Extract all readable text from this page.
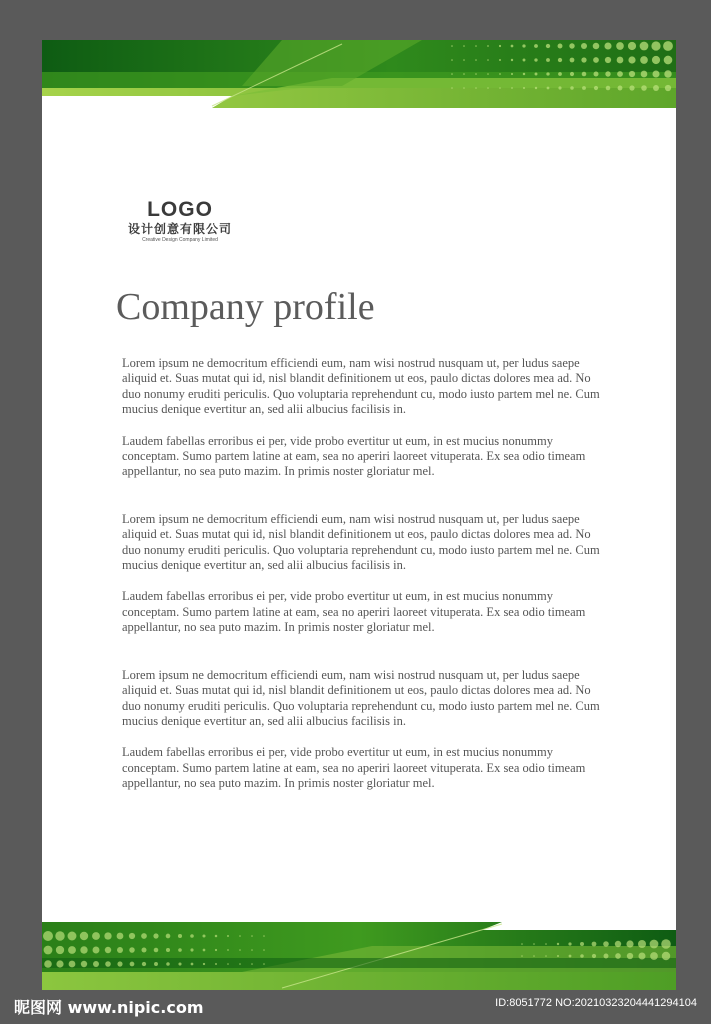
LOGO
设计创意有限公司
Creative Design Company Limited
Company profile

Lorem ipsum ne democritum efficiendi eum, nam wisi nostrud nusquam ut, per ludus saepe aliquid et. Suas mutat qui id, nisl blandit definitionem ut eos, paulo dictas dolores mea ad. No duo nonumy eruditi periculis. Quo voluptaria reprehendunt cu, modo iusto partem mel ne. Cum mucius denique evertitur an, sed alii albucius facilisis in.

Laudem fabellas erroribus ei per, vide probo evertitur ut eum, in est mucius nonummy conceptam. Sumo partem latine at eam, sea no aperiri laoreet vituperata. Ex sea odio timeam appellantur, no sea puto mazim. In primis noster gloriatur mel.

Lorem ipsum ne democritum efficiendi eum, nam wisi nostrud nusquam ut, per ludus saepe aliquid et. Suas mutat qui id, nisl blandit definitionem ut eos, paulo dictas dolores mea ad. No duo nonumy eruditi periculis. Quo voluptaria reprehendunt cu, modo iusto partem mel ne. Cum mucius denique evertitur an, sed alii albucius facilisis in.

Laudem fabellas erroribus ei per, vide probo evertitur ut eum, in est mucius nonummy conceptam. Sumo partem latine at eam, sea no aperiri laoreet vituperata. Ex sea odio timeam appellantur, no sea puto mazim. In primis noster gloriatur mel.

Lorem ipsum ne democritum efficiendi eum, nam wisi nostrud nusquam ut, per ludus saepe aliquid et. Suas mutat qui id, nisl blandit definitionem ut eos, paulo dictas dolores mea ad. No duo nonumy eruditi periculis. Quo voluptaria reprehendunt cu, modo iusto partem mel ne. Cum mucius denique evertitur an, sed alii albucius facilisis in.

Laudem fabellas erroribus ei per, vide probo evertitur ut eum, in est mucius nonummy conceptam. Sumo partem latine at eam, sea no aperiri laoreet vituperata. Ex sea odio timeam appellantur, no sea puto mazim. In primis noster gloriatur mel.

昵图网 www.nipic.com	ID:8051772 NO:20210323204441294104
